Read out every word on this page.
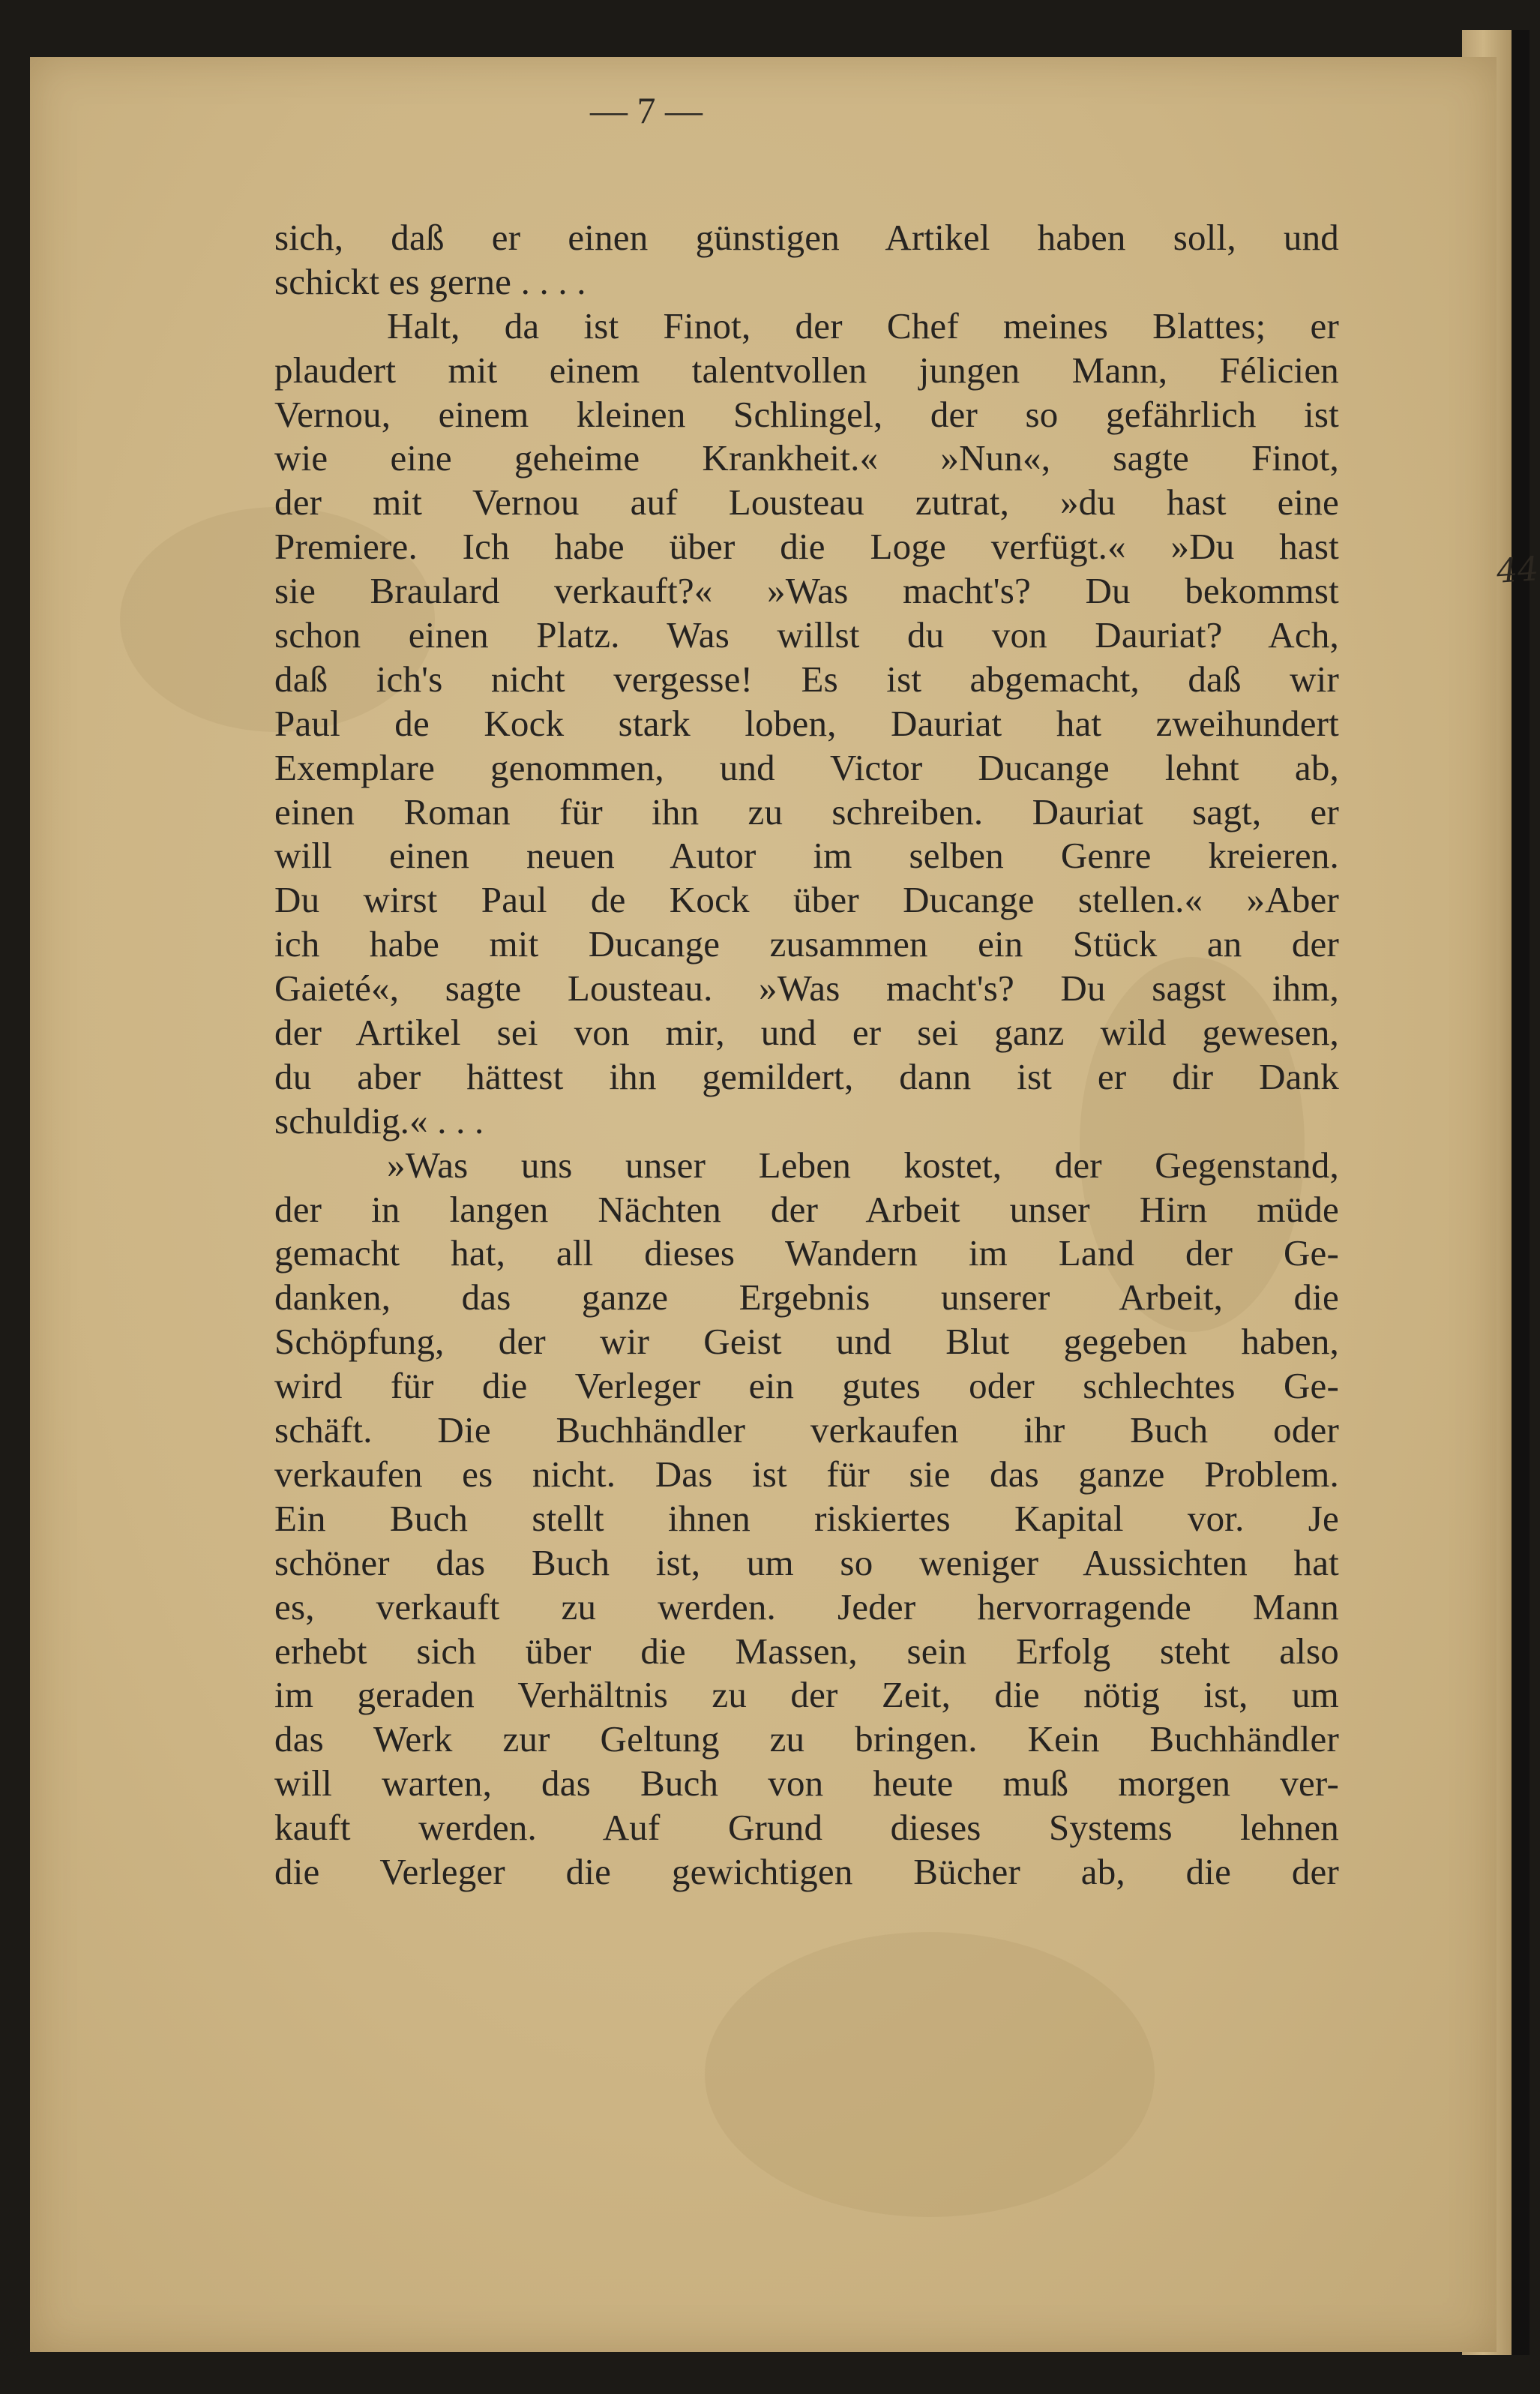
44
— 7 —
sich, daß er einen günstigen Artikel haben soll, und
schickt es gerne . . . .
Halt, da ist Finot, der Chef meines Blattes; er
plaudert mit einem talentvollen jungen Mann, Félicien
Vernou, einem kleinen Schlingel, der so gefährlich ist
wie eine geheime Krankheit.« »Nun«, sagte Finot,
der mit Vernou auf Lousteau zutrat, »du hast eine
Premiere. Ich habe über die Loge verfügt.« »Du hast
sie Braulard verkauft?« »Was macht's? Du bekommst
schon einen Platz. Was willst du von Dauriat? Ach,
daß ich's nicht vergesse! Es ist abgemacht, daß wir
Paul de Kock stark loben, Dauriat hat zweihundert
Exemplare genommen, und Victor Ducange lehnt ab,
einen Roman für ihn zu schreiben. Dauriat sagt, er
will einen neuen Autor im selben Genre kreieren.
Du wirst Paul de Kock über Ducange stellen.« »Aber
ich habe mit Ducange zusammen ein Stück an der
Gaieté«, sagte Lousteau. »Was macht's? Du sagst ihm,
der Artikel sei von mir, und er sei ganz wild gewesen,
du aber hättest ihn gemildert, dann ist er dir Dank
schuldig.« . . .
»Was uns unser Leben kostet, der Gegenstand,
der in langen Nächten der Arbeit unser Hirn müde
gemacht hat, all dieses Wandern im Land der Ge-
danken, das ganze Ergebnis unserer Arbeit, die
Schöpfung, der wir Geist und Blut gegeben haben,
wird für die Verleger ein gutes oder schlechtes Ge-
schäft. Die Buchhändler verkaufen ihr Buch oder
verkaufen es nicht. Das ist für sie das ganze Problem.
Ein Buch stellt ihnen riskiertes Kapital vor. Je
schöner das Buch ist, um so weniger Aussichten hat
es, verkauft zu werden. Jeder hervorragende Mann
erhebt sich über die Massen, sein Erfolg steht also
im geraden Verhältnis zu der Zeit, die nötig ist, um
das Werk zur Geltung zu bringen. Kein Buchhändler
will warten, das Buch von heute muß morgen ver-
kauft werden. Auf Grund dieses Systems lehnen
die Verleger die gewichtigen Bücher ab, die der
